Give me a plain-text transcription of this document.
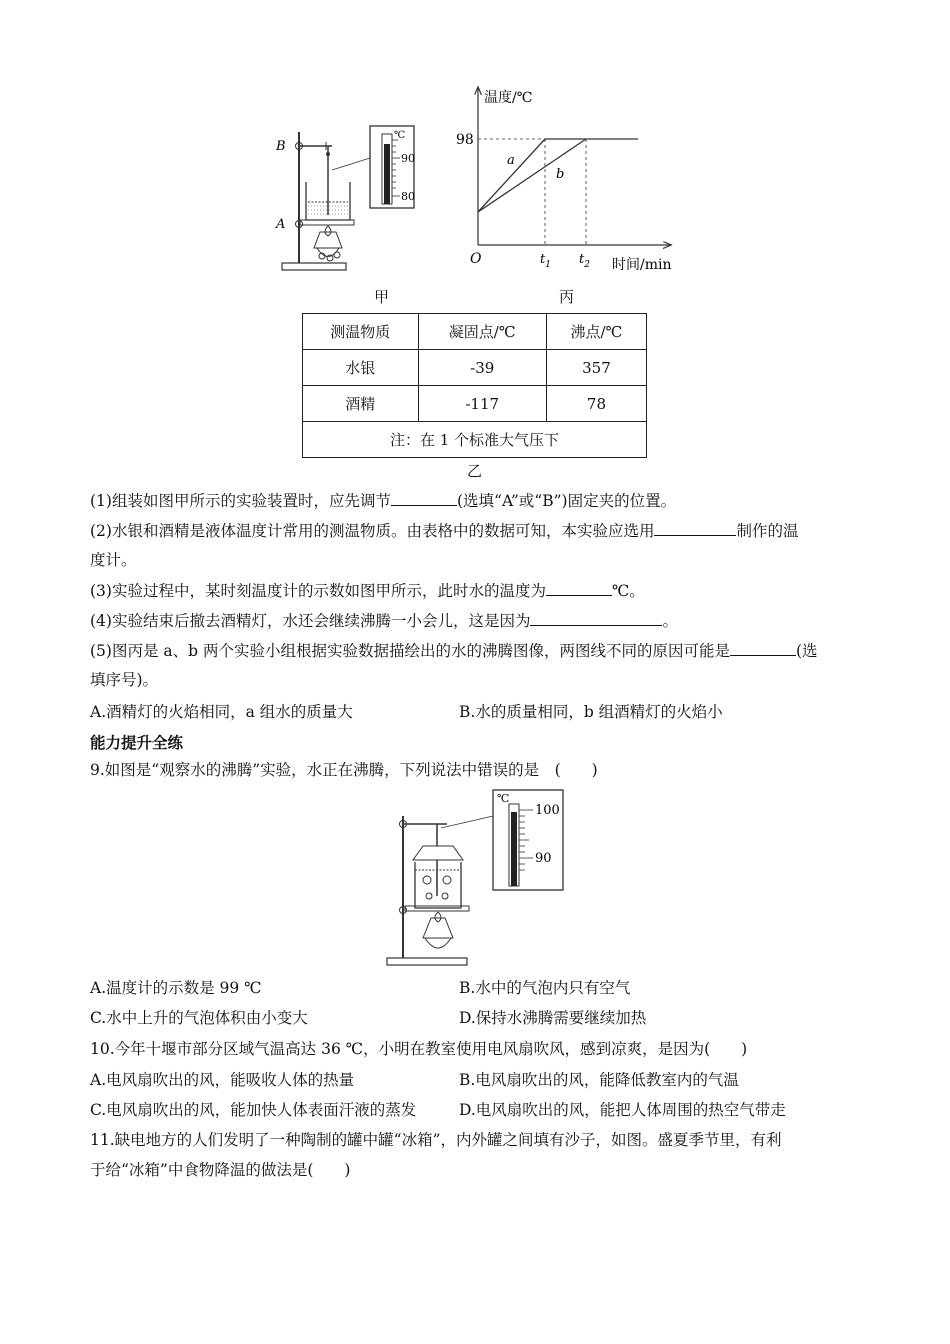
B
A
℃
90
80
甲
温度/℃
时间/min
O
98
$t_1$ $t_2$
a
b
丙
测温物质	凝固点/℃	沸点/℃
水银	-39	357
酒精	-117	78
注：在 1 个标准大气压下		
乙
(1)组装如图甲所示的实验装置时，应先调节	(选填“A”或“B”)固定夹的位置。
(2)水银和酒精是液体温度计常用的测温物质。由表格中的数据可知，本实验应选用	制作的温
度计。
(3)实验过程中，某时刻温度计的示数如图甲所示，此时水的温度为	℃。
(4)实验结束后撤去酒精灯，水还会继续沸腾一小会儿，这是因为	。
(5)图丙是 a、b 两个实验小组根据实验数据描绘出的水的沸腾图像，两图线不同的原因可能是	(选
填序号)。
A.酒精灯的火焰相同，a 组水的质量大	B.水的质量相同，b 组酒精灯的火焰小
能力提升全练
9.如图是“观察水的沸腾”实验，水正在沸腾，下列说法中错误的是　(　　)
℃
100
90
A.温度计的示数是 99 ℃	B.水中的气泡内只有空气
C.水中上升的气泡体积由小变大	D.保持水沸腾需要继续加热
10.今年十堰市部分区域气温高达 36 ℃，小明在教室使用电风扇吹风，感到凉爽，是因为(　　)
A.电风扇吹出的风，能吸收人体的热量	B.电风扇吹出的风，能降低教室内的气温
C.电风扇吹出的风，能加快人体表面汗液的蒸发	D.电风扇吹出的风，能把人体周围的热空气带走
11.缺电地方的人们发明了一种陶制的罐中罐“冰箱”，内外罐之间填有沙子，如图。盛夏季节里，有利
于给“冰箱”中食物降温的做法是(　　)
